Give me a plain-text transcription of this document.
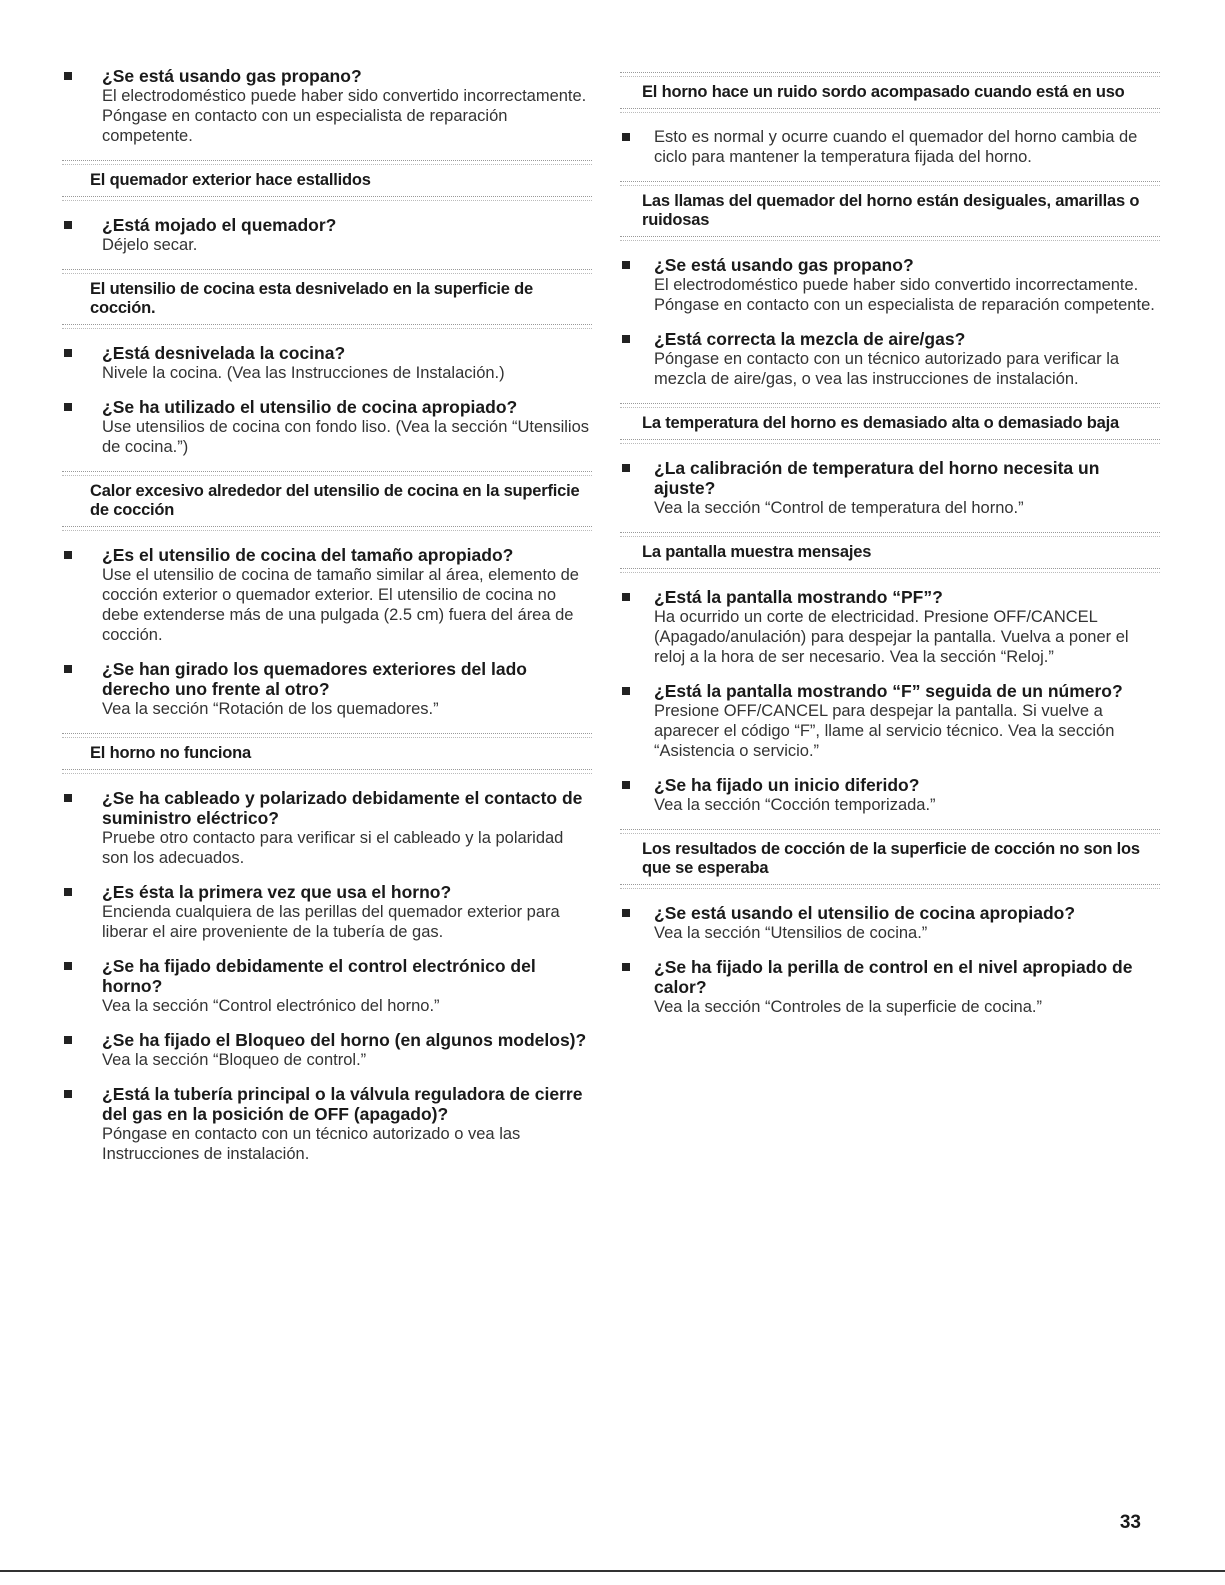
¿Se está usando gas propano?
El electrodoméstico puede haber sido convertido incorrectamente. Póngase en contacto con un especialista de reparación competente.
El quemador exterior hace estallidos
¿Está mojado el quemador?
Déjelo secar.
El utensilio de cocina esta desnivelado en la superficie de cocción.
¿Está desnivelada la cocina?
Nivele la cocina. (Vea las Instrucciones de Instalación.)
¿Se ha utilizado el utensilio de cocina apropiado?
Use utensilios de cocina con fondo liso. (Vea la sección “Utensilios de cocina.”)
Calor excesivo alrededor del utensilio de cocina en la superficie de cocción
¿Es el utensilio de cocina del tamaño apropiado?
Use el utensilio de cocina de tamaño similar al área, elemento de cocción exterior o quemador exterior. El utensilio de cocina no debe extenderse más de una pulgada (2.5 cm) fuera del área de cocción.
¿Se han girado los quemadores exteriores del lado derecho uno frente al otro?
Vea la sección “Rotación de los quemadores.”
El horno no funciona
¿Se ha cableado y polarizado debidamente el contacto de suministro eléctrico?
Pruebe otro contacto para verificar si el cableado y la polaridad son los adecuados.
¿Es ésta la primera vez que usa el horno?
Encienda cualquiera de las perillas del quemador exterior para liberar el aire proveniente de la tubería de gas.
¿Se ha fijado debidamente el control electrónico del horno?
Vea la sección “Control electrónico del horno.”
¿Se ha fijado el Bloqueo del horno (en algunos modelos)?
Vea la sección “Bloqueo de control.”
¿Está la tubería principal o la válvula reguladora de cierre del gas en la posición de OFF (apagado)?
Póngase en contacto con un técnico autorizado o vea las Instrucciones de instalación.
El horno hace un ruido sordo acompasado cuando está en uso
Esto es normal y ocurre cuando el quemador del horno cambia de ciclo para mantener la temperatura fijada del horno.
Las llamas del quemador del horno están desiguales, amarillas o ruidosas
¿Se está usando gas propano?
El electrodoméstico puede haber sido convertido incorrectamente. Póngase en contacto con un especialista de reparación competente.
¿Está correcta la mezcla de aire/gas?
Póngase en contacto con un técnico autorizado para verificar la mezcla de aire/gas, o vea las instrucciones de instalación.
La temperatura del horno es demasiado alta o demasiado baja
¿La calibración de temperatura del horno necesita un ajuste?
Vea la sección “Control de temperatura del horno.”
La pantalla muestra mensajes
¿Está la pantalla mostrando “PF”?
Ha ocurrido un corte de electricidad. Presione OFF/CANCEL (Apagado/anulación) para despejar la pantalla. Vuelva a poner el reloj a la hora de ser necesario. Vea la sección “Reloj.”
¿Está la pantalla mostrando “F” seguida de un número?
Presione OFF/CANCEL para despejar la pantalla. Si vuelve a aparecer el código “F”, llame al servicio técnico. Vea la sección “Asistencia o servicio.”
¿Se ha fijado un inicio diferido?
Vea la sección “Cocción temporizada.”
Los resultados de cocción de la superficie de cocción no son los que se esperaba
¿Se está usando el utensilio de cocina apropiado?
Vea la sección “Utensilios de cocina.”
¿Se ha fijado la perilla de control en el nivel apropiado de calor?
Vea la sección “Controles de la superficie de cocina.”
33
